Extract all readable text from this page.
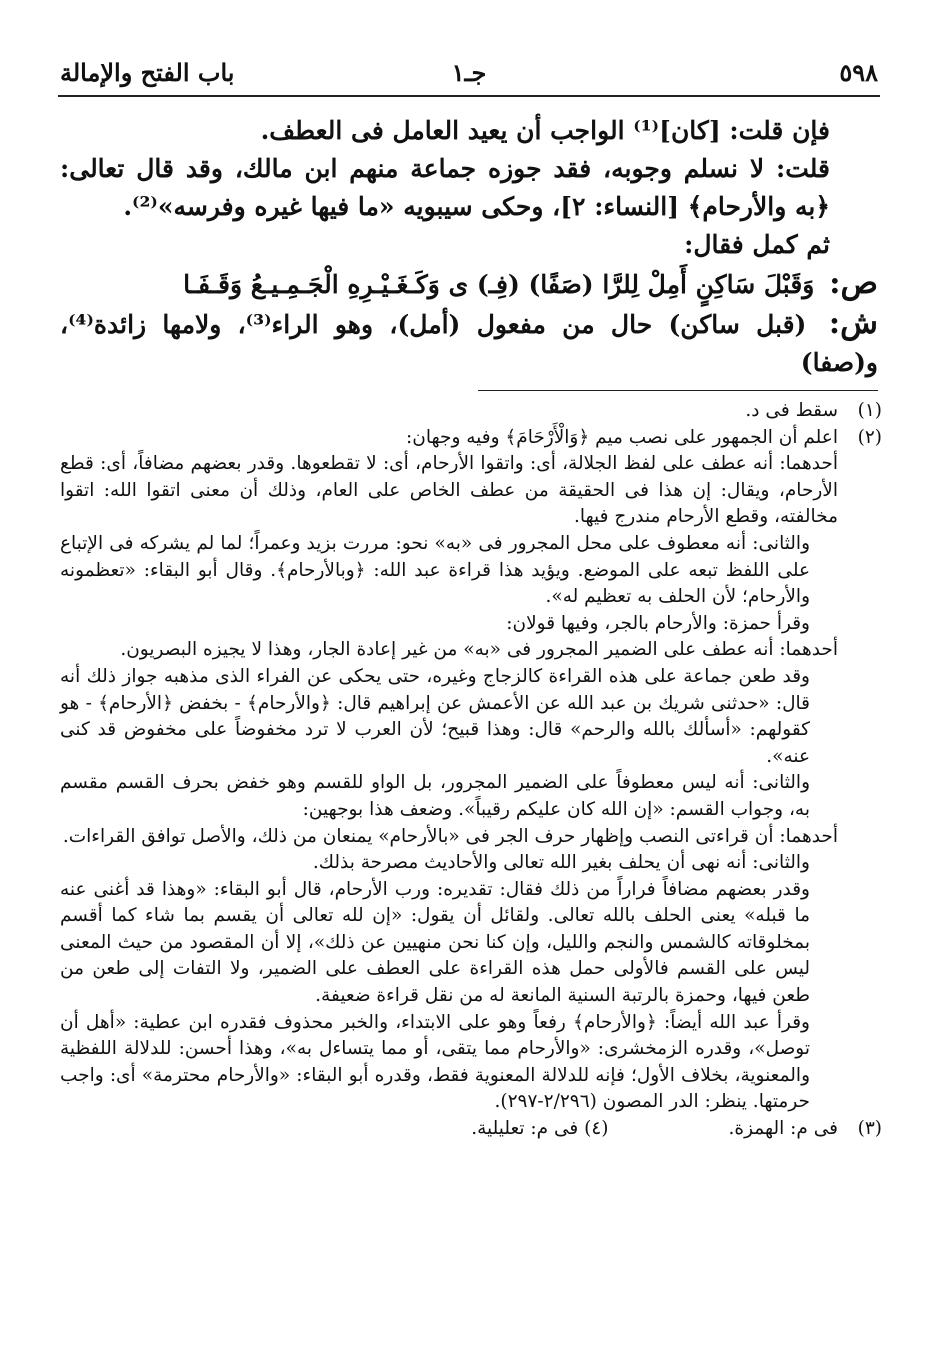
٥٩٨
جـ١
باب الفتح والإمالة

فإن قلت: [كان]⁽¹⁾ الواجب أن يعيد العامل فى العطف.

قلت: لا نسلم وجوبه، فقد جوزه جماعة منهم ابن مالك، وقد قال تعالى: ﴿به والأرحام﴾ [النساء: ٢]، وحكى سيبويه «ما فيها غيره وفرسه»⁽²⁾.

ثم كمل فقال:

ص: وَقَبْلَ سَاكِنٍ أَمِلْ لِلرَّا (صَفًا) (فِـ) ى وَكَـغَـيْـرِهِ الْجَـمِـيـعُ وَقَـفَـا

ش: (قبل ساكن) حال من مفعول (أمل)، وهو الراء⁽³⁾، ولامها زائدة⁽⁴⁾، و(صفا)

(١)سقط فى د.

(٢)اعلم أن الجمهور على نصب ميم ﴿وَالْأَرْحَامَ﴾ وفيه وجهان:

أحدهما: أنه عطف على لفظ الجلالة، أى: واتقوا الأرحام، أى: لا تقطعوها. وقدر بعضهم مضافاً، أى: قطع الأرحام، ويقال: إن هذا فى الحقيقة من عطف الخاص على العام، وذلك أن معنى اتقوا الله: اتقوا مخالفته، وقطع الأرحام مندرج فيها.

والثانى: أنه معطوف على محل المجرور فى «به» نحو: مررت بزيد وعمراً؛ لما لم يشركه فى الإتباع على اللفظ تبعه على الموضع. ويؤيد هذا قراءة عبد الله: ﴿وبالأرحام﴾. وقال أبو البقاء: «تعظمونه والأرحام؛ لأن الحلف به تعظيم له».

وقرأ حمزة: والأرحام بالجر، وفيها قولان:

أحدهما: أنه عطف على الضمير المجرور فى «به» من غير إعادة الجار، وهذا لا يجيزه البصريون.

وقد طعن جماعة على هذه القراءة كالزجاج وغيره، حتى يحكى عن الفراء الذى مذهبه جواز ذلك أنه قال: «حدثنى شريك بن عبد الله عن الأعمش عن إبراهيم قال: ﴿والأرحام﴾ - بخفض ﴿الأرحام﴾ - هو كقولهم: «أسألك بالله والرحم» قال: وهذا قبيح؛ لأن العرب لا ترد مخفوضاً على مخفوض قد كنى عنه».

والثانى: أنه ليس معطوفاً على الضمير المجرور، بل الواو للقسم وهو خفض بحرف القسم مقسم به، وجواب القسم: «إن الله كان عليكم رقيباً». وضعف هذا بوجهين:

أحدهما: أن قراءتى النصب وإظهار حرف الجر فى «بالأرحام» يمنعان من ذلك، والأصل توافق القراءات.

والثانى: أنه نهى أن يحلف بغير الله تعالى والأحاديث مصرحة بذلك.

وقدر بعضهم مضافاً فراراً من ذلك فقال: تقديره: ورب الأرحام، قال أبو البقاء: «وهذا قد أغنى عنه ما قبله» يعنى الحلف بالله تعالى. ولقائل أن يقول: «إن لله تعالى أن يقسم بما شاء كما أقسم بمخلوقاته كالشمس والنجم والليل، وإن كنا نحن منهيين عن ذلك»، إلا أن المقصود من حيث المعنى ليس على القسم فالأولى حمل هذه القراءة على العطف على الضمير، ولا التفات إلى طعن من طعن فيها، وحمزة بالرتبة السنية المانعة له من نقل قراءة ضعيفة.

وقرأ عبد الله أيضاً: ﴿والأرحام﴾ رفعاً وهو على الابتداء، والخبر محذوف فقدره ابن عطية: «أهل أن توصل»، وقدره الزمخشرى: «والأرحام مما يتقى، أو مما يتساءل به»، وهذا أحسن: للدلالة اللفظية والمعنوية، بخلاف الأول؛ فإنه للدلالة المعنوية فقط، وقدره أبو البقاء: «والأرحام محترمة» أى: واجب حرمتها. ينظر: الدر المصون (٢/٢٩٦-٢٩٧).

(٣)فى م: الهمزة.
(٤) فى م: تعليلية.
